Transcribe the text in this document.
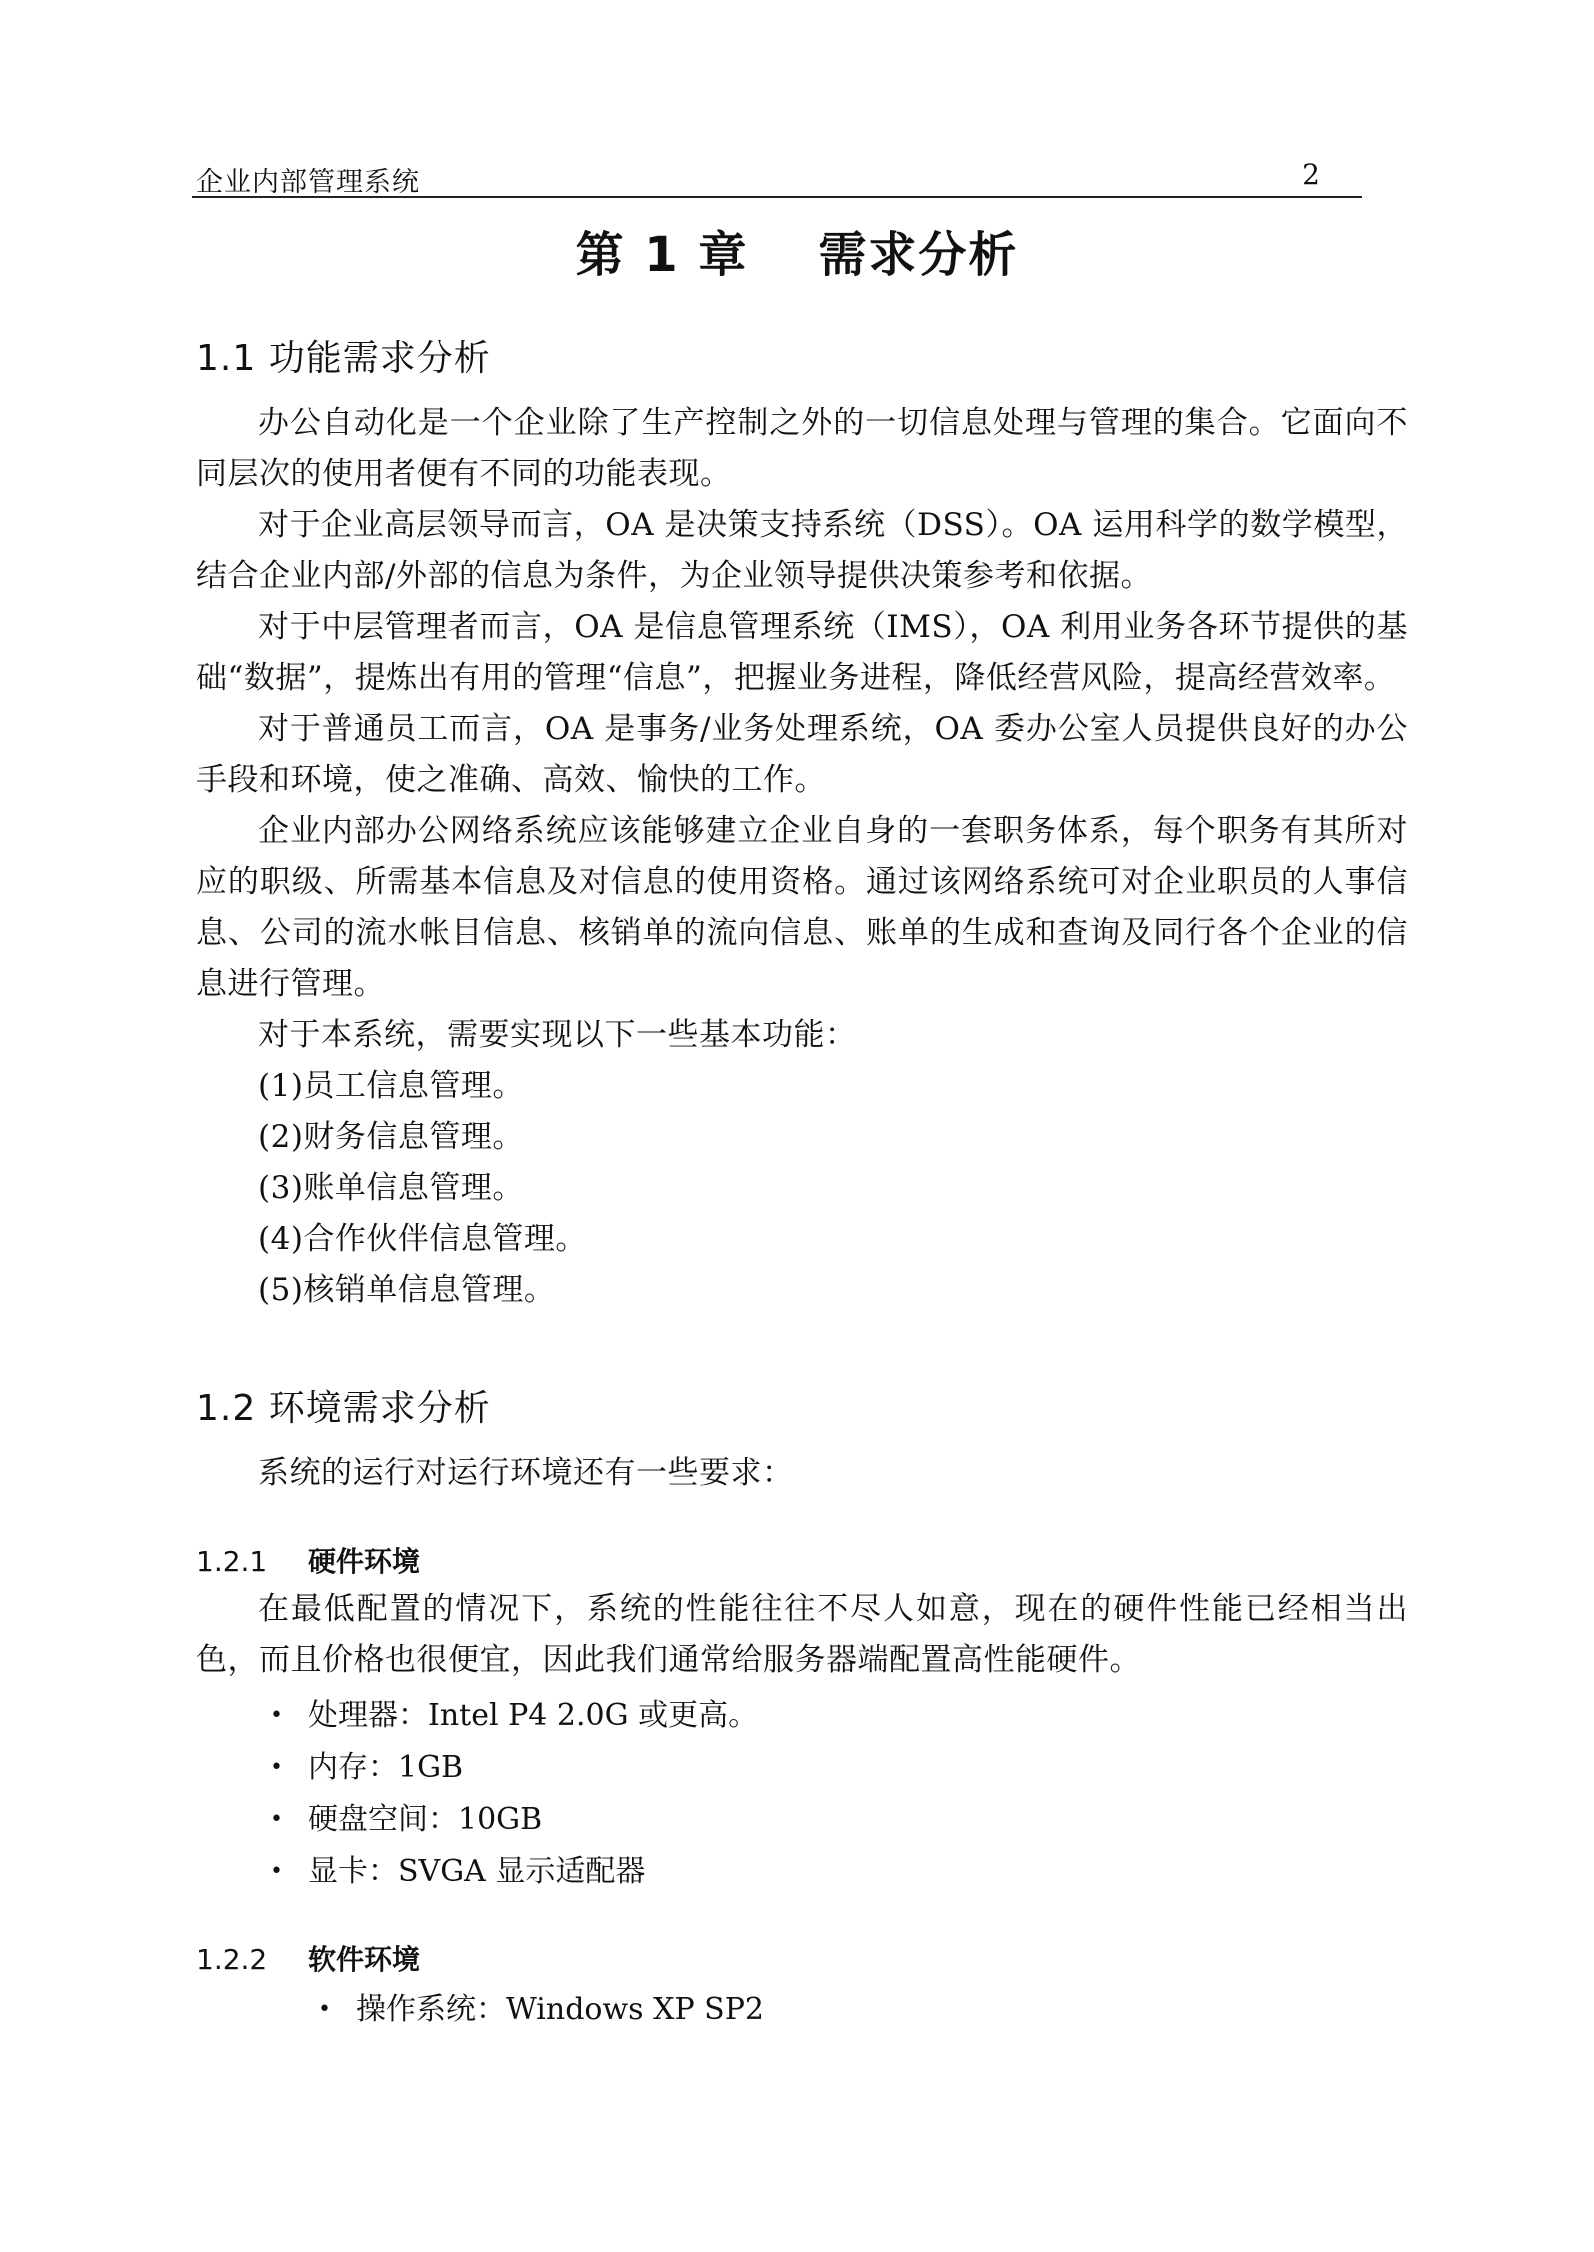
企业内部管理系统	2
第 1 章 需求分析
1.1 功能需求分析
办公自动化是一个企业除了生产控制之外的一切信息处理与管理的集合。它面向不同层次的使用者便有不同的功能表现。
对于企业高层领导而言，OA 是决策支持系统（DSS）。OA 运用科学的数学模型，结合企业内部/外部的信息为条件，为企业领导提供决策参考和依据。
对于中层管理者而言，OA 是信息管理系统（IMS），OA 利用业务各环节提供的基础“数据”，提炼出有用的管理“信息”，把握业务进程，降低经营风险，提高经营效率。
对于普通员工而言，OA 是事务/业务处理系统，OA 委办公室人员提供良好的办公手段和环境，使之准确、高效、愉快的工作。
企业内部办公网络系统应该能够建立企业自身的一套职务体系，每个职务有其所对应的职级、所需基本信息及对信息的使用资格。通过该网络系统可对企业职员的人事信息、公司的流水帐目信息、核销单的流向信息、账单的生成和查询及同行各个企业的信息进行管理。
对于本系统，需要实现以下一些基本功能：
(1)员工信息管理。
(2)财务信息管理。
(3)账单信息管理。
(4)合作伙伴信息管理。
(5)核销单信息管理。
1.2 环境需求分析
系统的运行对运行环境还有一些要求：
1.2.1 硬件环境
在最低配置的情况下，系统的性能往往不尽人如意，现在的硬件性能已经相当出色，而且价格也很便宜，因此我们通常给服务器端配置高性能硬件。
• 处理器：Intel P4 2.0G 或更高。
• 内存：1GB
• 硬盘空间：10GB
• 显卡：SVGA 显示适配器
1.2.2 软件环境
• 操作系统：Windows XP SP2
